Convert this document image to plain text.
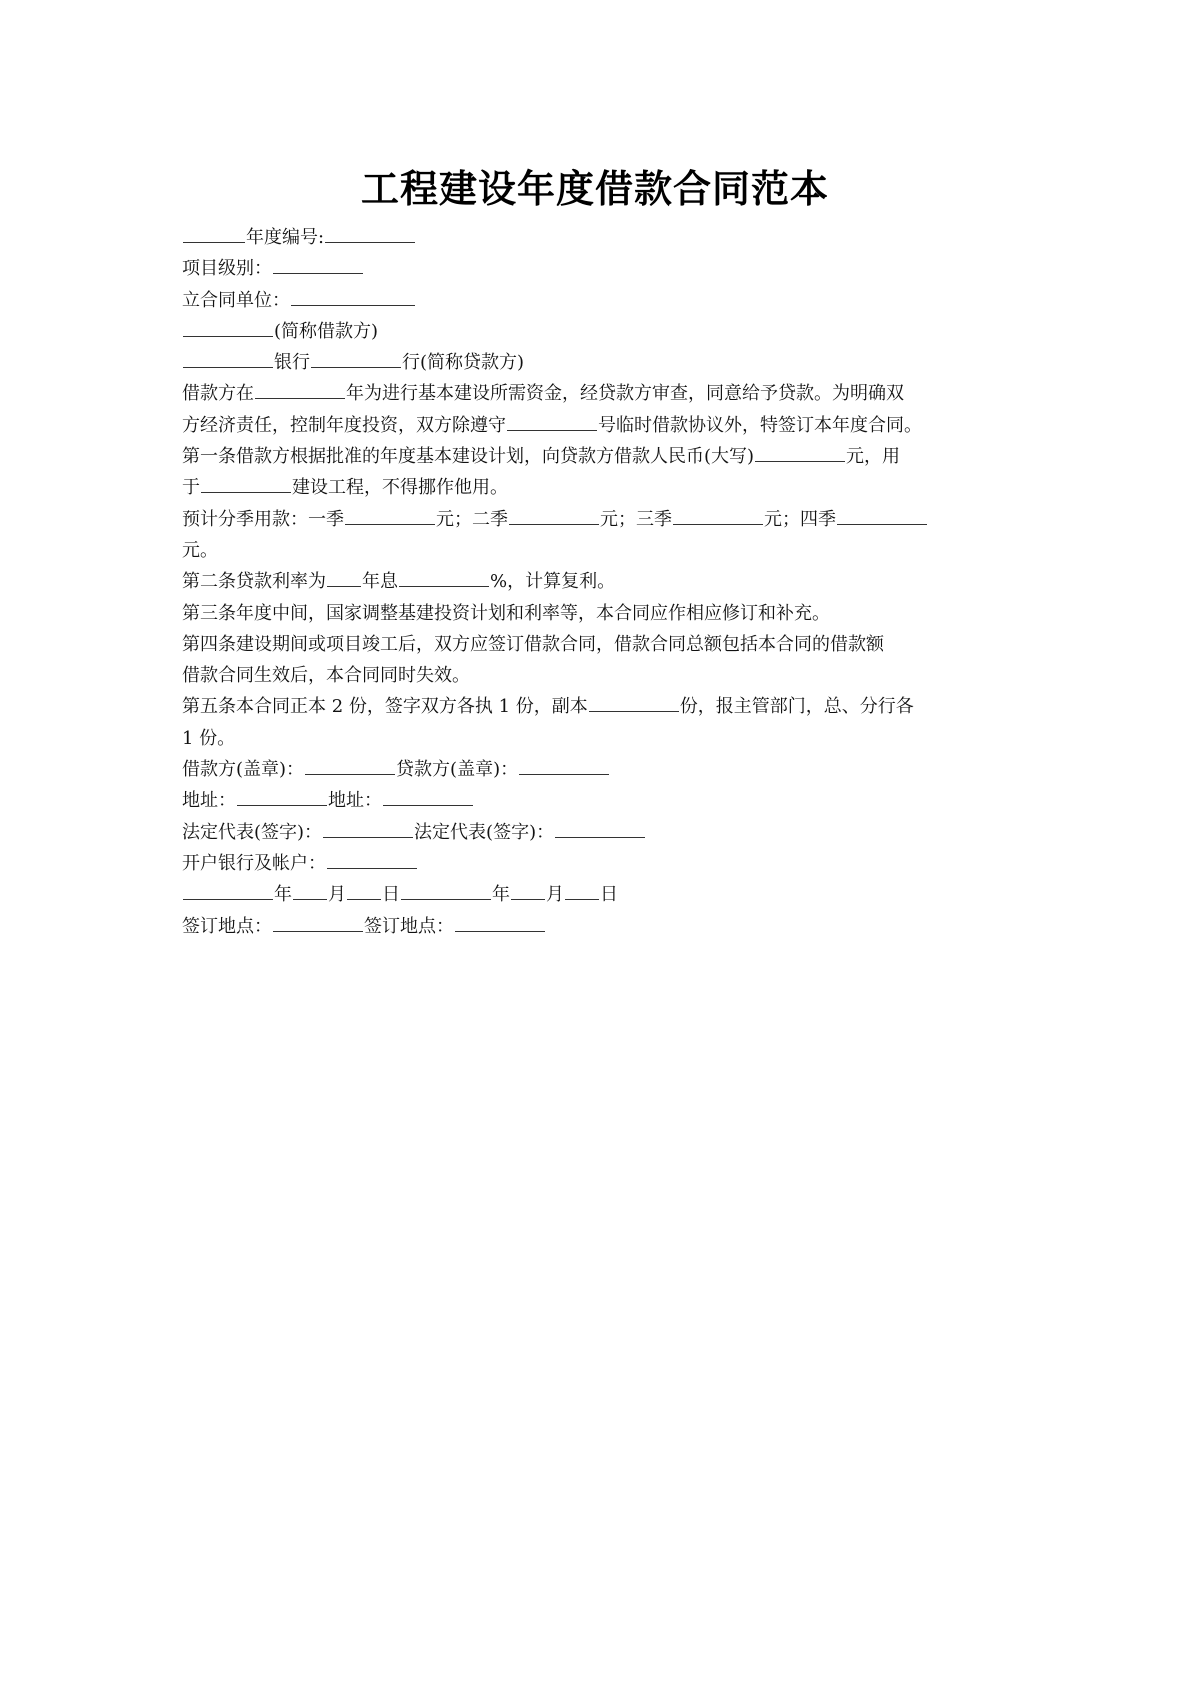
工程建设年度借款合同范本
年度编号:
项目级别：
立合同单位：
(简称借款方)
银行	行(简称贷款方)
借款方在	年为进行基本建设所需资金，经贷款方审查，同意给予贷款。为明确双
方经济责任，控制年度投资，双方除遵守	号临时借款协议外，特签订本年度合同。
第一条借款方根据批准的年度基本建设计划，向贷款方借款人民币(大写)	元，用
于	建设工程，不得挪作他用。
预计分季用款：一季	元；二季	元；三季	元；四季
元。
第二条贷款利率为 年息	%，计算复利。
第三条年度中间，国家调整基建投资计划和利率等，本合同应作相应修订和补充。
第四条建设期间或项目竣工后，双方应签订借款合同，借款合同总额包括本合同的借款额
借款合同生效后，本合同同时失效。
第五条本合同正本 2 份，签字双方各执 1 份，副本	份，报主管部门，总、分行各
1 份。
借款方(盖章)：	贷款方(盖章)：
地址：	地址：
法定代表(签字)：	法定代表(签字)：
开户银行及帐户：
年 月 日	年 月 日
签订地点：	签订地点：
